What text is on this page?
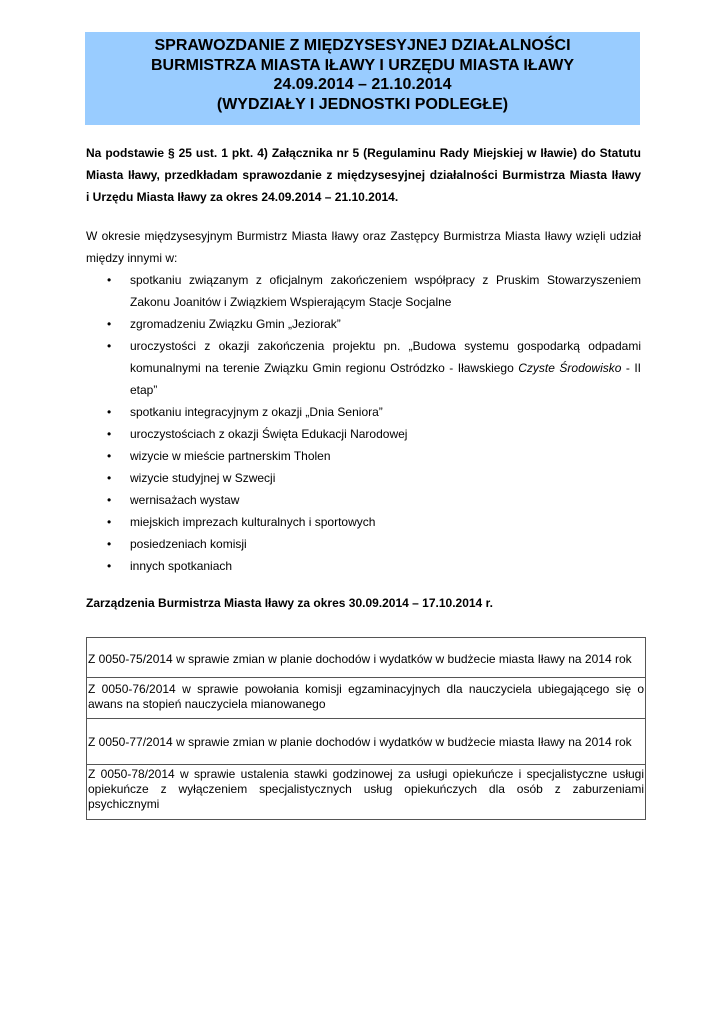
SPRAWOZDANIE Z MIĘDZYSESYJNEJ DZIAŁALNOŚCI
BURMISTRZA MIASTA IŁAWY I URZĘDU MIASTA IŁAWY
24.09.2014 – 21.10.2014
(WYDZIAŁY I JEDNOSTKI PODLEGŁE)
Na podstawie § 25 ust. 1 pkt. 4) Załącznika nr 5 (Regulaminu Rady Miejskiej w Iławie) do Statutu
Miasta Iławy, przedkładam sprawozdanie z międzysesyjnej działalności Burmistrza Miasta Iławy
i Urzędu Miasta Iławy za okres 24.09.2014 – 21.10.2014.
W okresie międzysesyjnym Burmistrz Miasta Iławy oraz Zastępcy Burmistrza Miasta Iławy wzięli udział
między innymi w:
• spotkaniu związanym z oficjalnym zakończeniem współpracy z Pruskim Stowarzyszeniem
Zakonu Joanitów i Związkiem Wspierającym Stacje Socjalne
• zgromadzeniu Związku Gmin „Jeziorak”
• uroczystości z okazji zakończenia projektu pn. „Budowa systemu gospodarką odpadami
komunalnymi na terenie Związku Gmin regionu Ostródzko - Iławskiego Czyste Środowisko - II
etap”
• spotkaniu integracyjnym z okazji „Dnia Seniora”
• uroczystościach z okazji Święta Edukacji Narodowej
• wizycie w mieście partnerskim Tholen
• wizycie studyjnej w Szwecji
• wernisażach wystaw
• miejskich imprezach kulturalnych i sportowych
• posiedzeniach komisji
• innych spotkaniach
Zarządzenia Burmistrza Miasta Iławy za okres 30.09.2014 – 17.10.2014 r.
Z 0050-75/2014 w sprawie zmian w planie dochodów i wydatków w budżecie miasta Iławy na 2014 rok

Z 0050-76/2014 w sprawie powołania komisji egzaminacyjnych dla nauczyciela ubiegającego się o
awans na stopień nauczyciela mianowanego

Z 0050-77/2014 w sprawie zmian w planie dochodów i wydatków w budżecie miasta Iławy na 2014 rok

Z 0050-78/2014 w sprawie ustalenia stawki godzinowej za usługi opiekuńcze i specjalistyczne usługi
opiekuńcze z wyłączeniem specjalistycznych usług opiekuńczych dla osób z zaburzeniami
psychicznymi
